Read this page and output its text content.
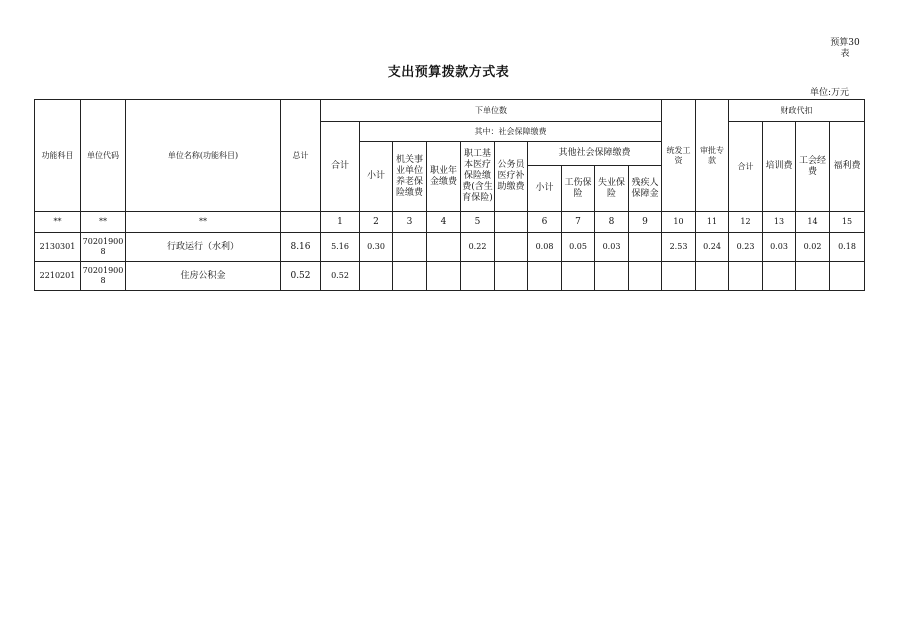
预算30
表
支出预算拨款方式表
单位:万元
功能科目	单位代码	单位名称(功能科目)	总计	下单位数										统发工资	审批专款	财政代扣			
				合计	其中：社会保障缴费											合计	培训费	工会经费	福利费
					小计	机关事业单位养老保险缴费	职业年金缴费	职工基本医疗保险缴费(含生育保险)	公务员医疗补助缴费	其他社会保障缴费									
										小计	工伤保险	失业保险	残疾人保障金						
**	**	**		1	2	3	4	5		6	7	8	9	10	11	12	13	14	15
2130301	702019008	行政运行（水利）	8.16	5.16	0.30			0.22		0.08	0.05	0.03		2.53	0.24	0.23	0.03	0.02	0.18
2210201	702019008	住房公积金	0.52	0.52															
